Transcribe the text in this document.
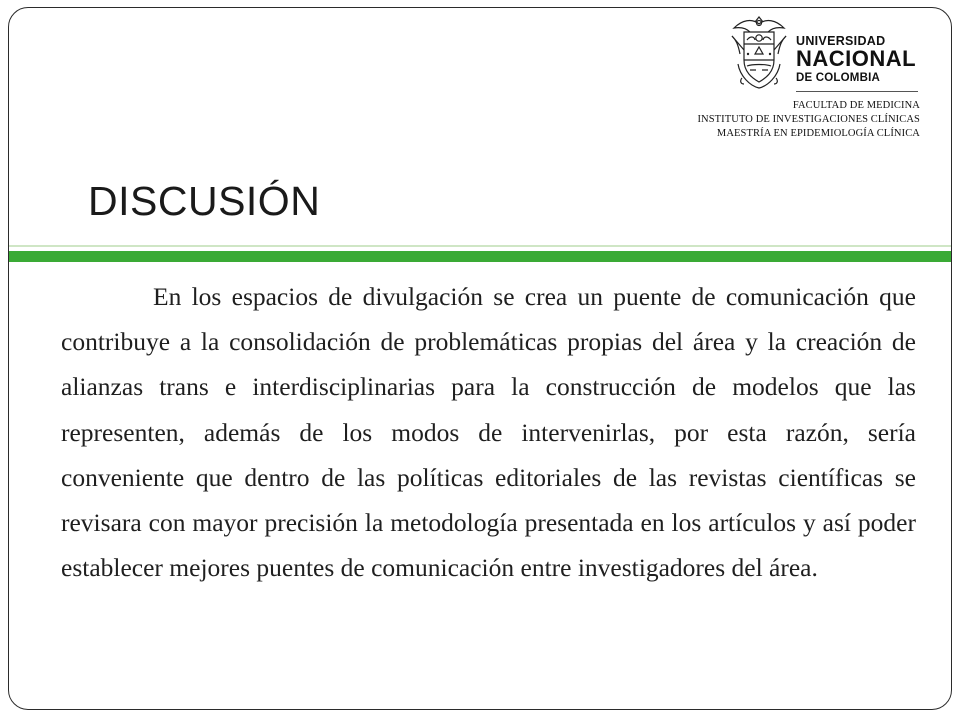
UNIVERSIDAD
NACIONAL
DE COLOMBIA
FACULTAD DE MEDICINA
INSTITUTO DE INVESTIGACIONES CLÍNICAS
MAESTRÍA EN EPIDEMIOLOGÍA CLÍNICA
DISCUSIÓN

En los espacios de divulgación se crea un puente de comunicación que contribuye a la consolidación de problemáticas propias del área y la creación de alianzas trans e interdisciplinarias para la construcción de modelos que las representen, además de los modos de intervenirlas, por esta razón, sería conveniente que dentro de las políticas editoriales de las revistas científicas se revisara con mayor precisión la metodología presentada en los artículos y así poder establecer mejores puentes de comunicación entre investigadores del área.
